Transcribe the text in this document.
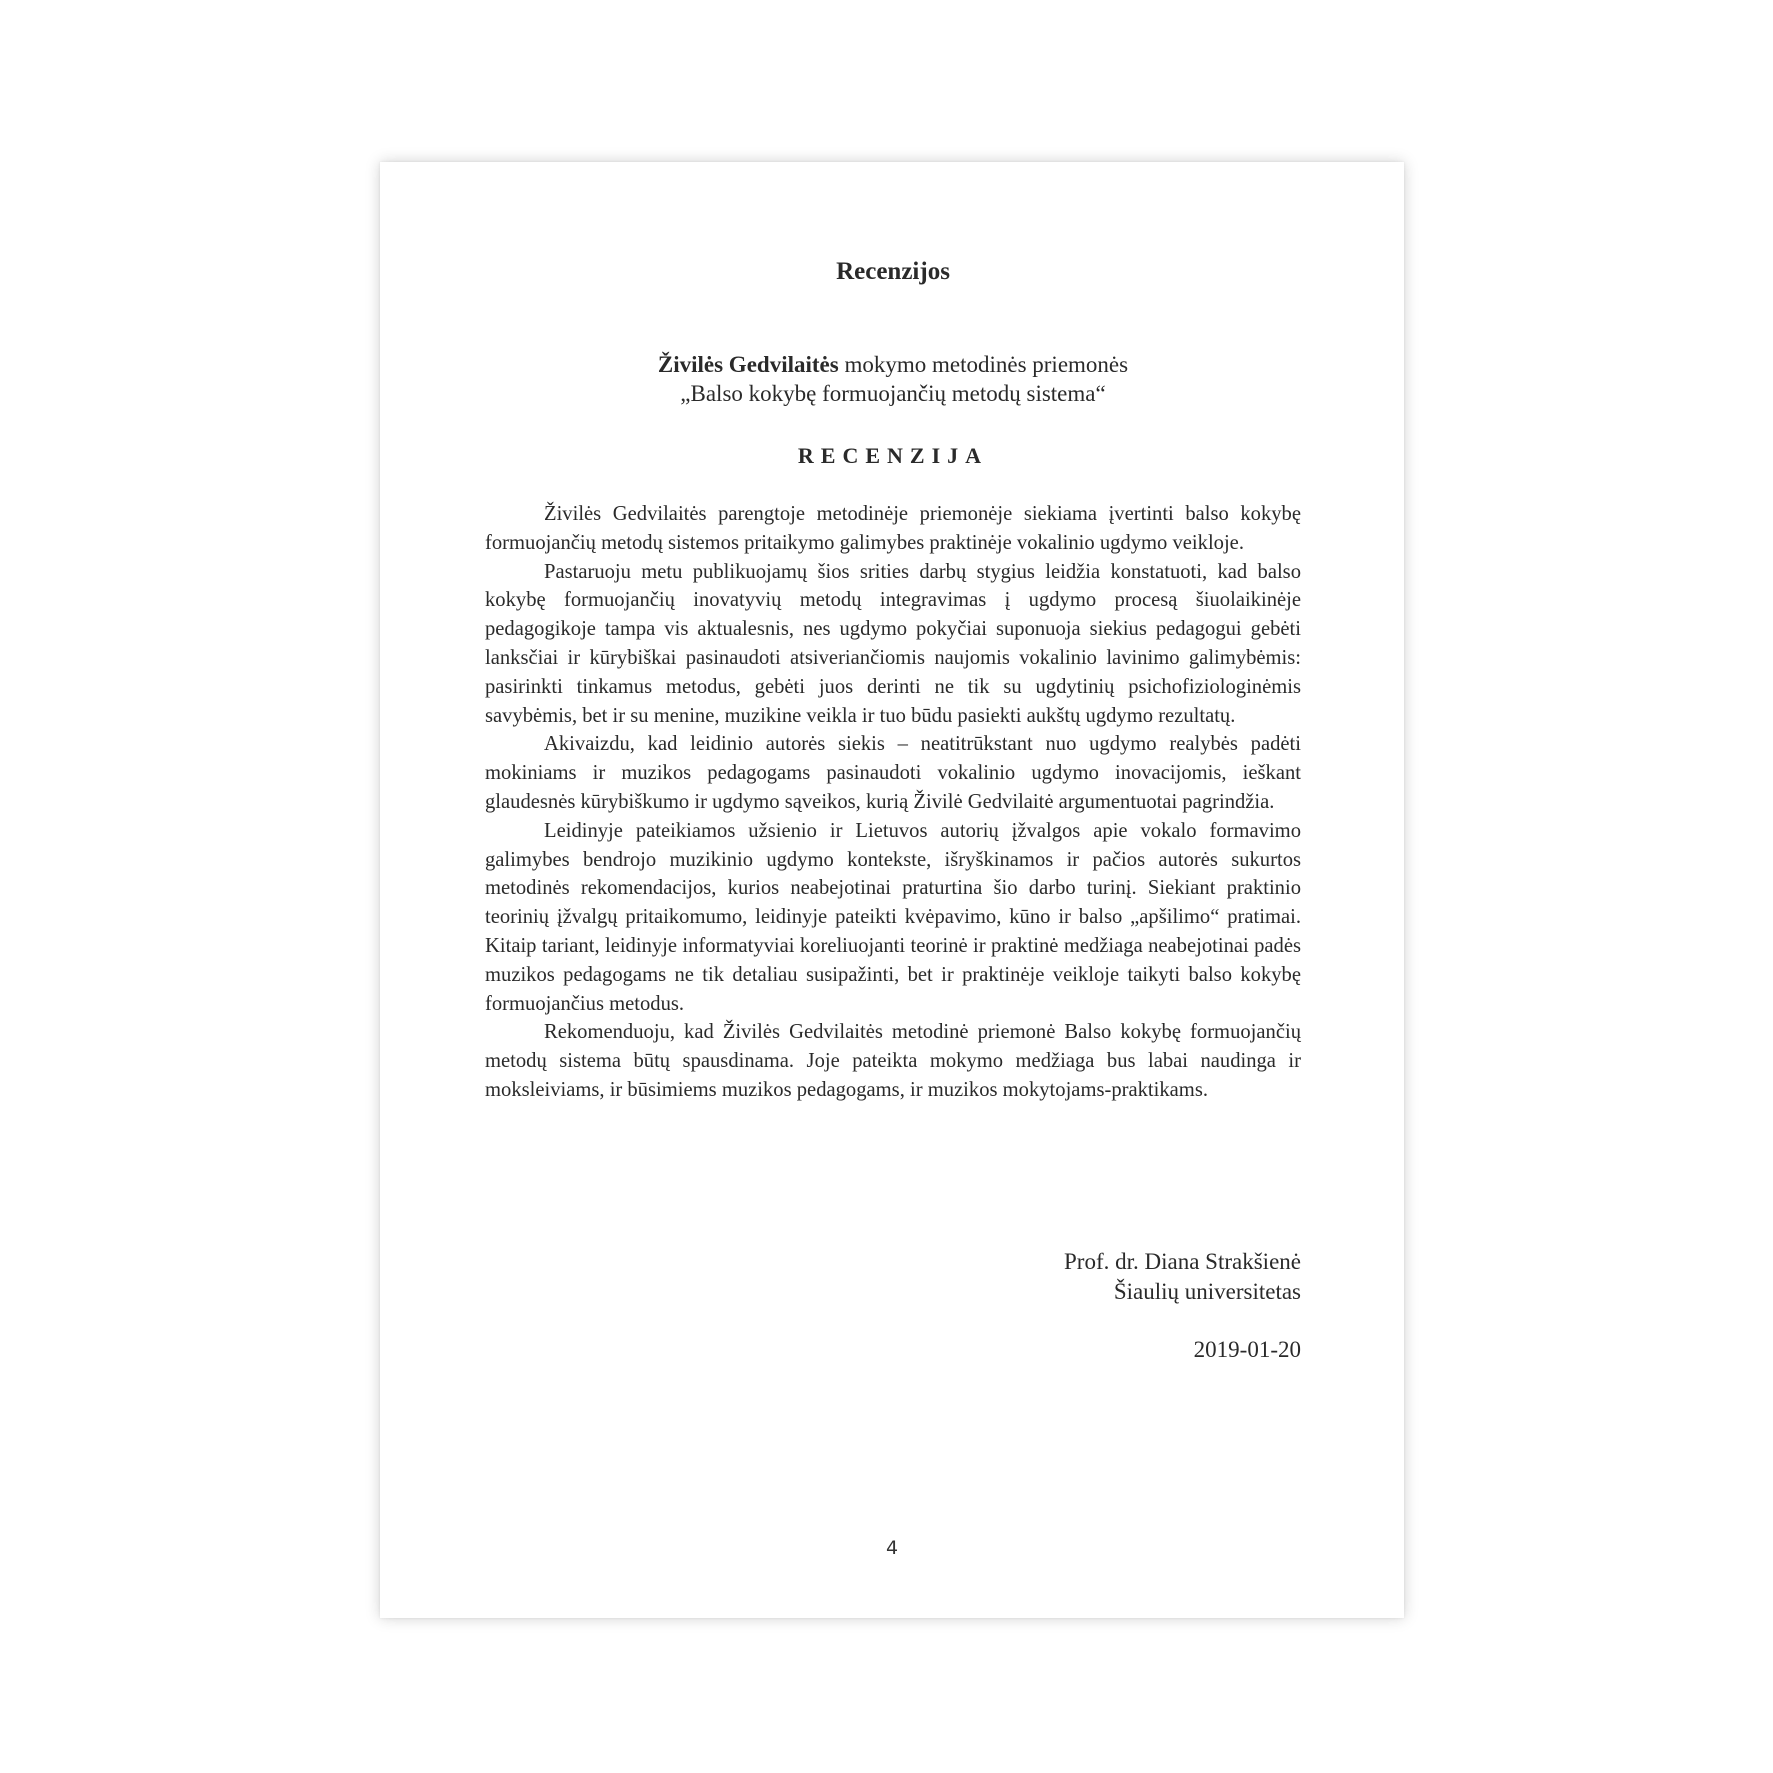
Recenzijos
Živilės Gedvilaitės mokymo metodinės priemonės
„Balso kokybę formuojančių metodų sistema“
RECENZIJA

Živilės Gedvilaitės parengtoje metodinėje priemonėje siekiama įvertinti balso kokybę formuojančių metodų sistemos pritaikymo galimybes praktinėje vokalinio ugdymo veikloje.

Pastaruoju metu publikuojamų šios srities darbų stygius leidžia konstatuoti, kad balso kokybę formuojančių inovatyvių metodų integravimas į ugdymo procesą šiuolaikinėje pedagogikoje tampa vis aktualesnis, nes ugdymo pokyčiai suponuoja siekius pedagogui gebėti lanksčiai ir kūrybiškai pasinaudoti atsiveriančiomis naujomis vokalinio lavinimo galimybėmis: pasirinkti tinkamus metodus, gebėti juos derinti ne tik su ugdytinių psichofiziologinėmis savybėmis, bet ir su menine, muzikine veikla ir tuo būdu pasiekti aukštų ugdymo rezultatų.

Akivaizdu, kad leidinio autorės siekis – neatitrūkstant nuo ugdymo realybės padėti mokiniams ir muzikos pedagogams pasinaudoti vokalinio ugdymo inovacijomis, ieškant glaudesnės kūrybiškumo ir ugdymo sąveikos, kurią Živilė Gedvilaitė argumentuotai pagrindžia.

Leidinyje pateikiamos užsienio ir Lietuvos autorių įžvalgos apie vokalo formavimo galimybes bendrojo muzikinio ugdymo kontekste, išryškinamos ir pačios autorės sukurtos metodinės rekomendacijos, kurios neabejotinai praturtina šio darbo turinį. Siekiant praktinio teorinių įžvalgų pritaikomumo, leidinyje pateikti kvėpavimo, kūno ir balso „apšilimo“ pratimai. Kitaip tariant, leidinyje informatyviai koreliuojanti teorinė ir praktinė medžiaga neabejotinai padės muzikos pedagogams ne tik detaliau susipažinti, bet ir praktinėje veikloje taikyti balso kokybę formuojančius metodus.

Rekomenduoju, kad Živilės Gedvilaitės metodinė priemonė Balso kokybę formuojančių metodų sistema būtų spausdinama. Joje pateikta mokymo medžiaga bus labai naudinga ir moksleiviams, ir būsimiems muzikos pedagogams, ir muzikos mokytojams-praktikams.

Prof. dr. Diana Strakšienė
Šiaulių universitetas
2019-01-20
4
